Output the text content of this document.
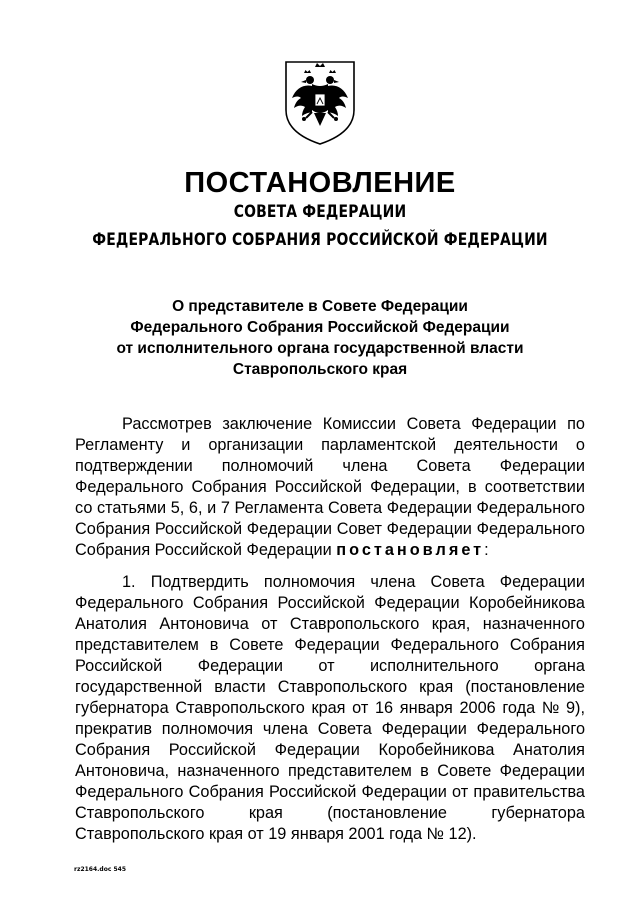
ПОСТАНОВЛЕНИЕ
СОВЕТА ФЕДЕРАЦИИ
ФЕДЕРАЛЬНОГО СОБРАНИЯ РОССИЙСКОЙ ФЕДЕРАЦИИ
О представителе в Совете Федерации
Федерального Собрания Российской Федерации
от исполнительного органа государственной власти
Ставропольского края
Рассмотрев заключение Комиссии Совета Федерации по
Регламенту и организации парламентской деятельности о
подтверждении полномочий члена Совета Федерации
Федерального Собрания Российской Федерации, в соответствии
со статьями 5, 6, и 7 Регламента Совета Федерации Федерального
Собрания Российской Федерации Совет Федерации Федерального
Собрания Российской Федерации постановляет :
1. Подтвердить полномочия члена Совета Федерации
Федерального Собрания Российской Федерации Коробейникова
Анатолия Антоновича от Ставропольского края, назначенного
представителем в Совете Федерации Федерального Собрания
Российской Федерации от исполнительного органа
государственной власти Ставропольского края (постановление
губернатора Ставропольского края от 16 января 2006 года № 9),
прекратив полномочия члена Совета Федерации Федерального
Собрания Российской Федерации Коробейникова Анатолия
Антоновича, назначенного представителем в Совете Федерации
Федерального Собрания Российской Федерации от правительства
Ставропольского	края	(постановление	губернатора
Ставропольского края от 19 января 2001 года № 12).
rz2164.doc 545
